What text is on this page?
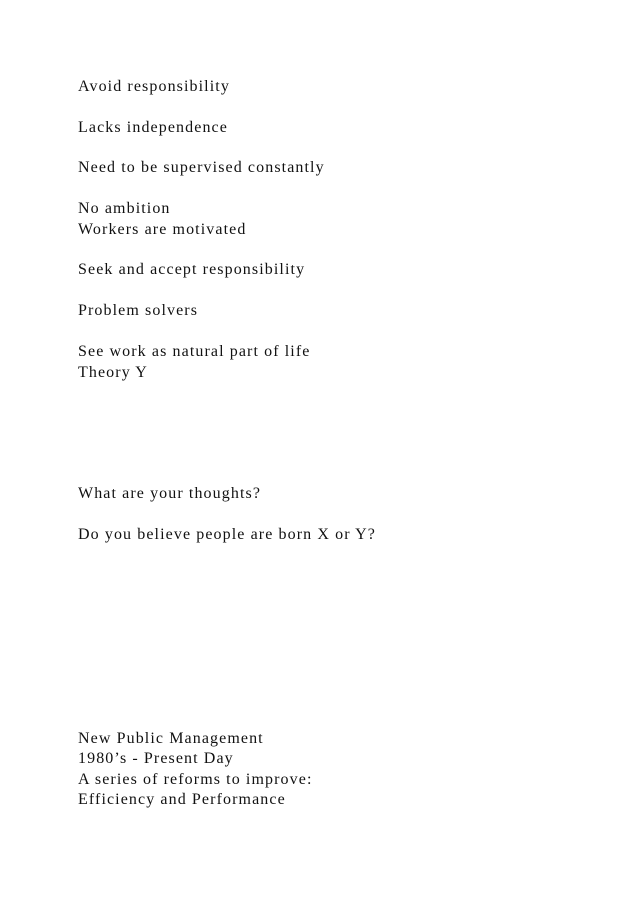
Avoid responsibility

Lacks independence

Need to be supervised constantly

No ambition

Workers are motivated

Seek and accept responsibility

Problem solvers

See work as natural part of life

Theory Y

What are your thoughts?

Do you believe people are born X or Y?

New Public Management

1980’s - Present Day

A series of reforms to improve:

Efficiency and Performance
